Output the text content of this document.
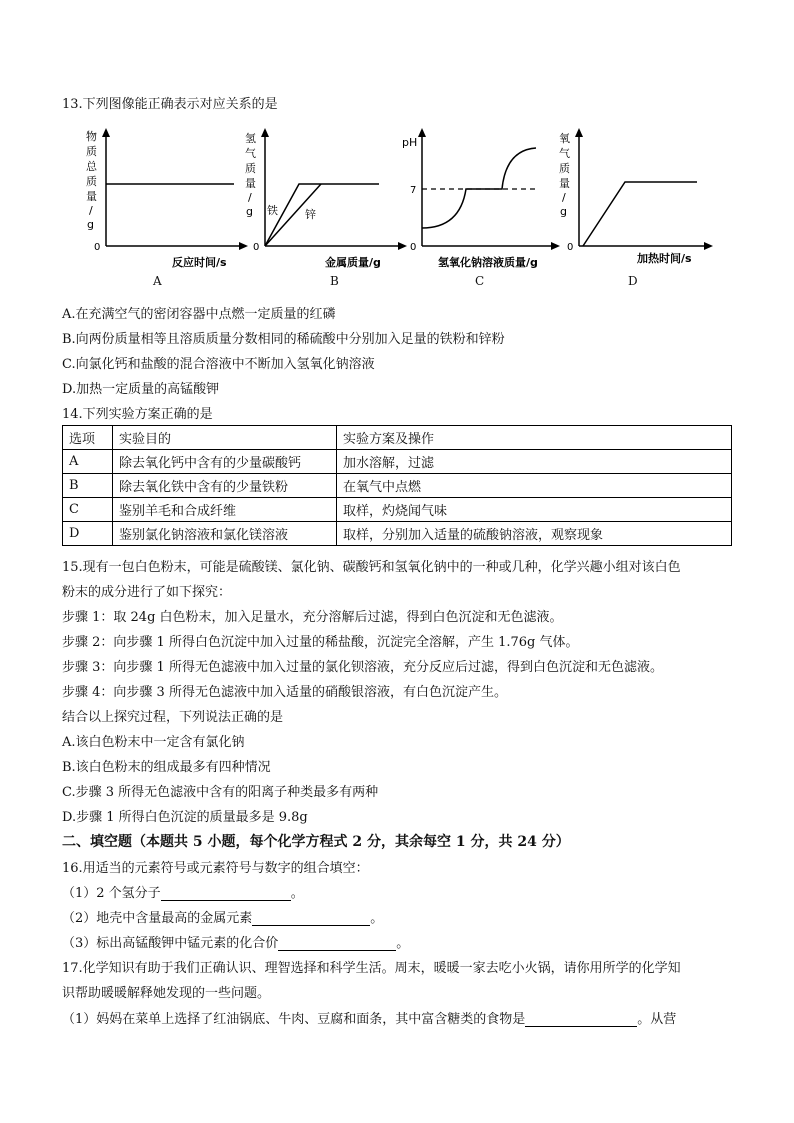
13.下列图像能正确表示对应关系的是
物
质
总
质
量
/
g
0
反应时间/s
A
氢
气
质
量
/
g 铁 锌
0
金属质量/g
B
pH
7
0
氢氧化钠溶液质量/g
C
氧
气
质
量
/
g
0
加热时间/s
D
A.在充满空气的密闭容器中点燃一定质量的红磷
B.向两份质量相等且溶质质量分数相同的稀硫酸中分别加入足量的铁粉和锌粉
C.向氯化钙和盐酸的混合溶液中不断加入氢氧化钠溶液
D.加热一定质量的高锰酸钾
14.下列实验方案正确的是
选项	实验目的	实验方案及操作
A	除去氧化钙中含有的少量碳酸钙	加水溶解，过滤
B	除去氧化铁中含有的少量铁粉	在氧气中点燃
C	鉴别羊毛和合成纤维	取样，灼烧闻气味
D	鉴别氯化钠溶液和氯化镁溶液	取样，分别加入适量的硫酸钠溶液，观察现象
15.现有一包白色粉末，可能是硫酸镁、氯化钠、碳酸钙和氢氧化钠中的一种或几种，化学兴趣小组对该白色
粉末的成分进行了如下探究：
步骤 1：取 24g 白色粉末，加入足量水，充分溶解后过滤，得到白色沉淀和无色滤液。
步骤 2：向步骤 1 所得白色沉淀中加入过量的稀盐酸，沉淀完全溶解，产生 1.76g 气体。
步骤 3：向步骤 1 所得无色滤液中加入过量的氯化钡溶液，充分反应后过滤，得到白色沉淀和无色滤液。
步骤 4：向步骤 3 所得无色滤液中加入适量的硝酸银溶液，有白色沉淀产生。
结合以上探究过程，下列说法正确的是
A.该白色粉末中一定含有氯化钠
B.该白色粉末的组成最多有四种情况
C.步骤 3 所得无色滤液中含有的阳离子种类最多有两种
D.步骤 1 所得白色沉淀的质量最多是 9.8g
二、填空题（本题共 5 小题，每个化学方程式 2 分，其余每空 1 分，共 24 分）
16.用适当的元素符号或元素符号与数字的组合填空：
（1）2 个氢分子	。
（2）地壳中含量最高的金属元素	。
（3）标出高锰酸钾中锰元素的化合价	。
17.化学知识有助于我们正确认识、理智选择和科学生活。周末，暖暖一家去吃小火锅，请你用所学的化学知
识帮助暖暖解释她发现的一些问题。
（1）妈妈在菜单上选择了红油锅底、牛肉、豆腐和面条，其中富含糖类的食物是	。从营
